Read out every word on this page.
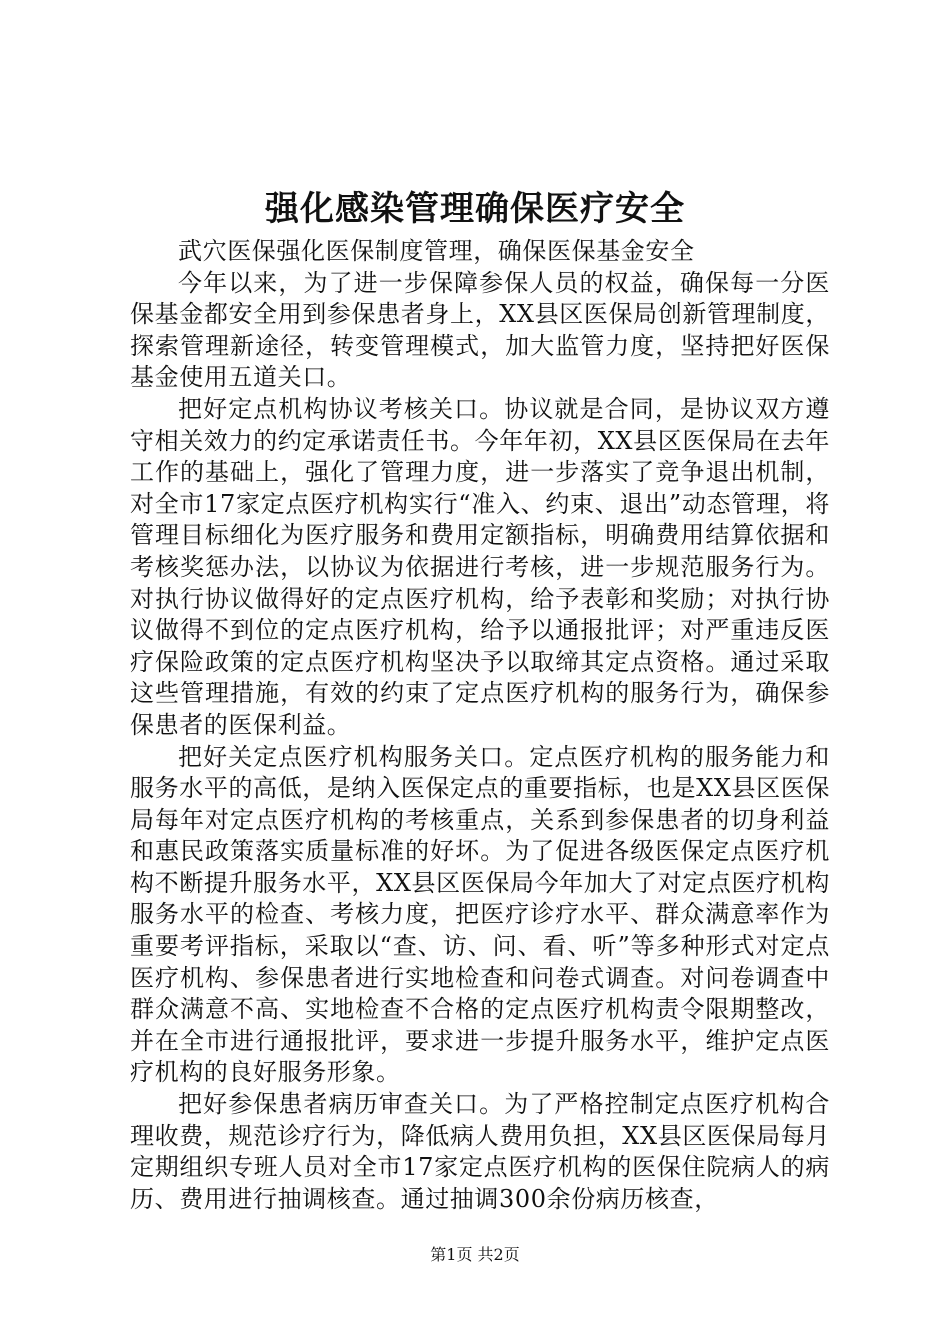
强化感染管理确保医疗安全

武穴医保强化医保制度管理，确保医保基金安全

今年以来，为了进一步保障参保人员的权益，确保每一分医保基金都安全用到参保患者身上，XX县区医保局创新管理制度，探索管理新途径，转变管理模式，加大监管力度，坚持把好医保基金使用五道关口。

把好定点机构协议考核关口。协议就是合同，是协议双方遵守相关效力的约定承诺责任书。今年年初，XX县区医保局在去年工作的基础上，强化了管理力度，进一步落实了竞争退出机制，对全市17家定点医疗机构实行“准入、约束、退出”动态管理，将管理目标细化为医疗服务和费用定额指标，明确费用结算依据和考核奖惩办法，以协议为依据进行考核，进一步规范服务行为。对执行协议做得好的定点医疗机构，给予表彰和奖励；对执行协议做得不到位的定点医疗机构，给予以通报批评；对严重违反医疗保险政策的定点医疗机构坚决予以取缔其定点资格。通过采取这些管理措施，有效的约束了定点医疗机构的服务行为，确保参保患者的医保利益。

把好关定点医疗机构服务关口。定点医疗机构的服务能力和服务水平的高低，是纳入医保定点的重要指标，也是XX县区医保局每年对定点医疗机构的考核重点，关系到参保患者的切身利益和惠民政策落实质量标准的好坏。为了促进各级医保定点医疗机构不断提升服务水平，XX县区医保局今年加大了对定点医疗机构服务水平的检查、考核力度，把医疗诊疗水平、群众满意率作为重要考评指标，采取以“查、访、问、看、听”等多种形式对定点医疗机构、参保患者进行实地检查和问卷式调查。对问卷调查中群众满意不高、实地检查不合格的定点医疗机构责令限期整改，并在全市进行通报批评，要求进一步提升服务水平，维护定点医疗机构的良好服务形象。

把好参保患者病历审查关口。为了严格控制定点医疗机构合理收费，规范诊疗行为，降低病人费用负担，XX县区医保局每月定期组织专班人员对全市17家定点医疗机构的医保住院病人的病历、费用进行抽调核查。通过抽调300余份病历核查，

第1页 共2页
